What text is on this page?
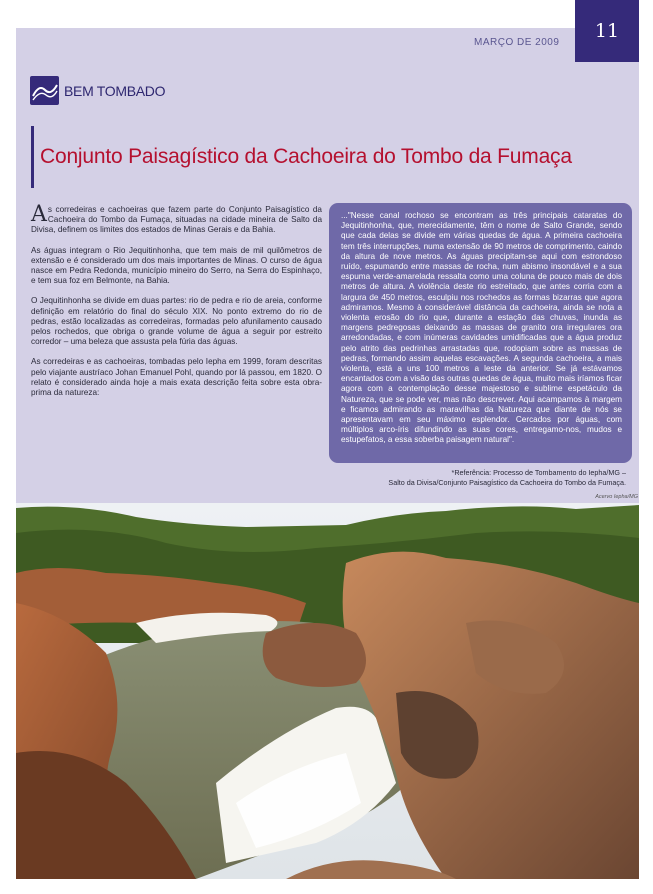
11
MARÇO DE 2009
BEM TOMBADO
Conjunto Paisagístico da Cachoeira do Tombo da Fumaça

As corredeiras e cachoeiras que fazem parte do Conjunto Paisagístico da Cachoeira do Tombo da Fumaça, situadas na cidade mineira de Salto da Divisa, definem os limites dos estados de Minas Gerais e da Bahia.

As águas integram o Rio Jequitinhonha, que tem mais de mil quilômetros de extensão e é considerado um dos mais importantes de Minas. O curso de água nasce em Pedra Redonda, município mineiro do Serro, na Serra do Espinhaço, e tem sua foz em Belmonte, na Bahia.

O Jequitinhonha se divide em duas partes: rio de pedra e rio de areia, conforme definição em relatório do final do século XIX. No ponto extremo do rio de pedras, estão localizadas as corredeiras, formadas pelo afunilamento causado pelos rochedos, que obriga o grande volume de água a seguir por estreito corredor – uma beleza que assusta pela fúria das águas.

As corredeiras e as cachoeiras, tombadas pelo Iepha em 1999, foram descritas pelo viajante austríaco Johan Emanuel Pohl, quando por lá passou, em 1820. O relato é considerado ainda hoje a mais exata descrição feita sobre esta obra-prima da natureza:

..."Nesse canal rochoso se encontram as três principais cataratas do Jequitinhonha, que, merecidamente, têm o nome de Salto Grande, sendo que cada delas se divide em várias quedas de água. A primeira cachoeira tem três interrupções, numa extensão de 90 metros de comprimento, caindo da altura de nove metros. As águas precipitam-se aqui com estrondoso ruído, espumando entre massas de rocha, num abismo insondável e a sua espuma verde-amarelada ressalta como uma coluna de pouco mais de dois metros de altura. A violência deste rio estreitado, que antes corria com a largura de 450 metros, esculpiu nos rochedos as formas bizarras que agora admiramos. Mesmo à considerável distância da cachoeira, ainda se nota a violenta erosão do rio que, durante a estação das chuvas, inunda as margens pedregosas deixando as massas de granito ora irregulares ora arredondadas, e com inúmeras cavidades umidificadas que a água produz pelo atrito das pedrinhas arrastadas que, rodopiam sobre as massas de pedras, formando assim aquelas escavações. A segunda cachoeira, a mais violenta, está a uns 100 metros a leste da anterior. Se já estávamos encantados com a visão das outras quedas de água, muito mais iríamos ficar agora com a contemplação desse majestoso e sublime espetáculo da Natureza, que se pode ver, mas não descrever. Aqui acampamos à margem e ficamos admirando as maravilhas da Natureza que diante de nós se apresentavam em seu máximo esplendor. Cercados por águas, com múltiplos arco-íris difundindo as suas cores, entregamo-nos, mudos e estupefatos, a essa soberba paisagem natural".

*Referência: Processo de Tombamento do Iepha/MG –
Salto da Divisa/Conjunto Paisagístico da Cachoeira do Tombo da Fumaça.
Acervo Iepha/MG
